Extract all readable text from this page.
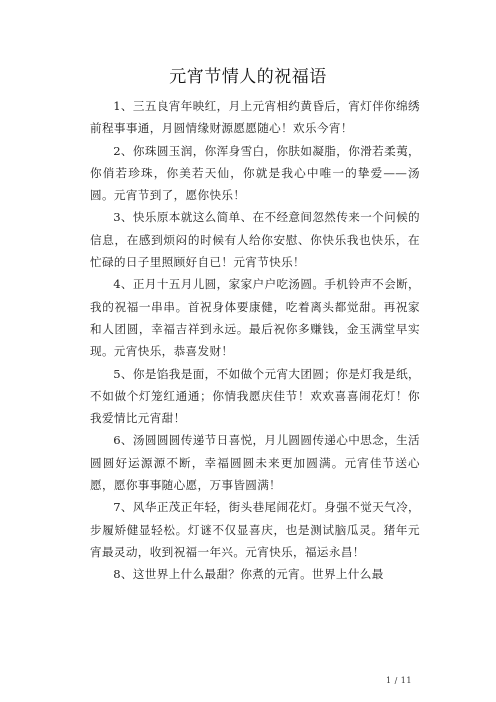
元宵节情人的祝福语

1、三五良宵年映红，月上元宵相约黄昏后，宵灯伴你绵绣前程事事通，月圆情缘财源愿愿随心！欢乐今宵！

2、你珠圆玉润，你浑身雪白，你肤如凝脂，你滑若柔荑，你俏若珍珠，你美若天仙，你就是我心中唯一的挚爱——汤圆。元宵节到了，愿你快乐！

3、快乐原本就这么简单、在不经意间忽然传来一个问候的信息，在感到烦闷的时候有人给你安慰、你快乐我也快乐，在忙碌的日子里照顾好自已！元宵节快乐！

4、正月十五月儿圆，家家户户吃汤圆。手机铃声不会断，我的祝福一串串。首祝身体要康健，吃着离头都觉甜。再祝家和人团圆，幸福吉祥到永远。最后祝你多赚钱，金玉满堂早实现。元宵快乐，恭喜发财！

5、你是馅我是面，不如做个元宵大团圆；你是灯我是纸，不如做个灯笼红通通；你情我愿庆佳节！欢欢喜喜闹花灯！你我爱情比元宵甜！

6、汤圆圆圆传递节日喜悦，月儿圆圆传递心中思念，生活圆圆好运源源不断，幸福圆圆未来更加圆满。元宵佳节送心愿，愿你事事随心愿，万事皆圆满！

7、风华正茂正年轻，街头巷尾闹花灯。身强不觉天气冷，步履矫健显轻松。灯谜不仅显喜庆，也是测试脑瓜灵。猪年元宵最灵动，收到祝福一年兴。元宵快乐，福运永昌！

8、这世界上什么最甜？你煮的元宵。世界上什么最

1 / 11
